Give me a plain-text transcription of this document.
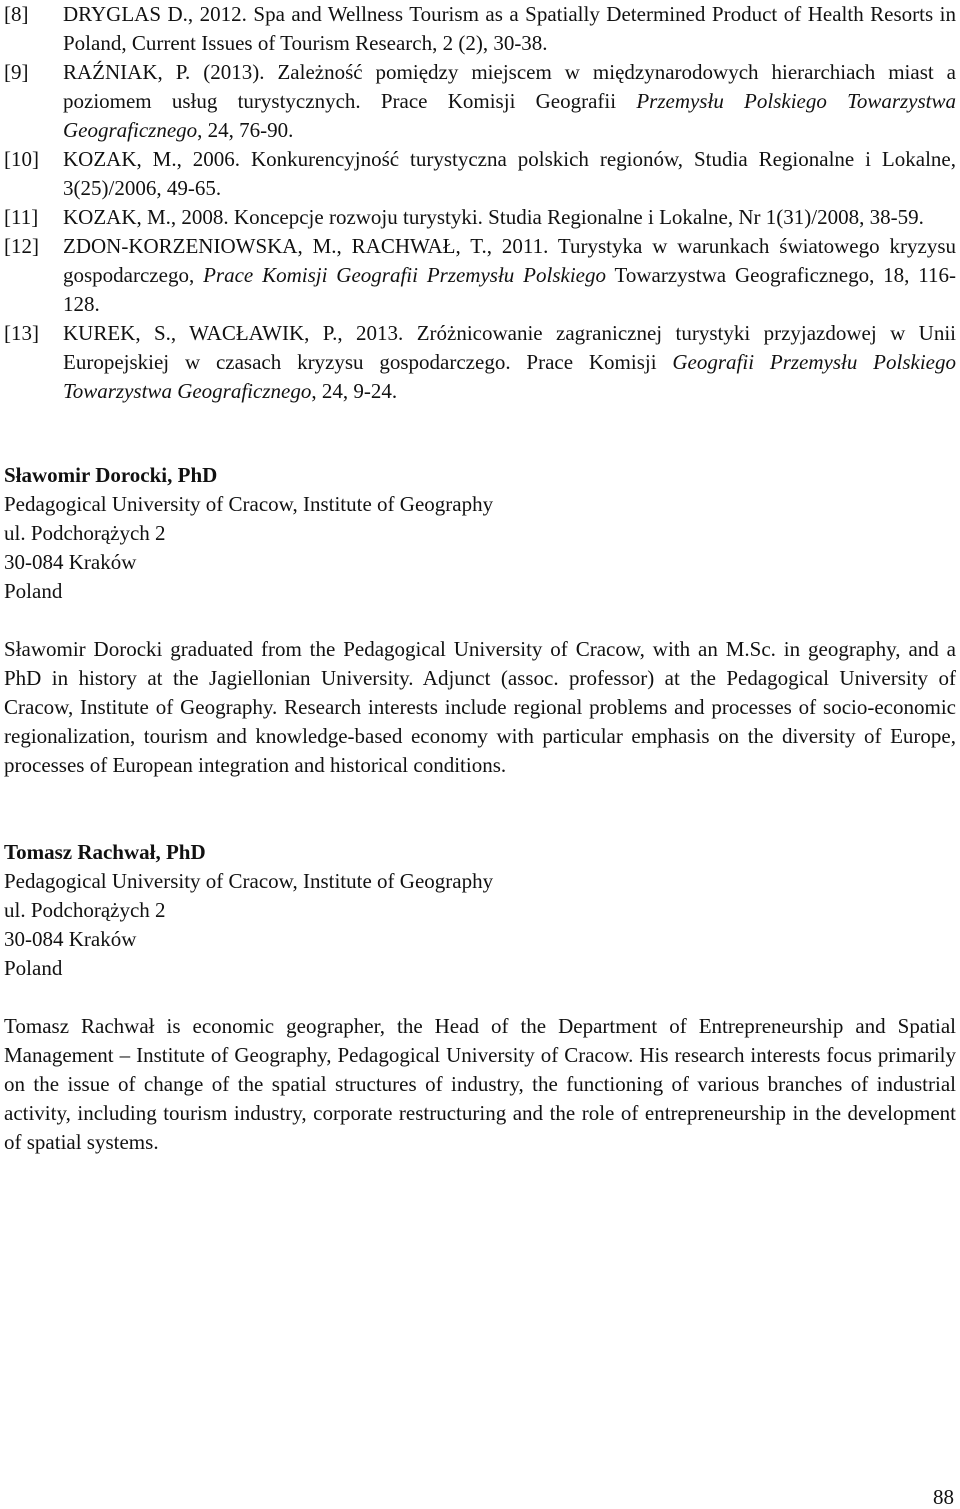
[8]	DRYGLAS D., 2012. Spa and Wellness Tourism as a Spatially Determined Product of Health Resorts in Poland, Current Issues of Tourism Research, 2 (2), 30-38.

[9]	RAŹNIAK, P. (2013). Zależność pomiędzy miejscem w międzynarodowych hierarchiach miast a poziomem usług turystycznych. Prace Komisji Geografii Przemysłu Polskiego Towarzystwa Geograficznego, 24, 76-90.

[10]	KOZAK, M., 2006. Konkurencyjność turystyczna polskich regionów, Studia Regionalne i Lokalne, 3(25)/2006, 49-65.

[11]	KOZAK, M., 2008. Koncepcje rozwoju turystyki. Studia Regionalne i Lokalne, Nr 1(31)/2008, 38-59.

[12]	ZDON-KORZENIOWSKA, M., RACHWAŁ, T., 2011. Turystyka w warunkach światowego kryzysu gospodarczego, Prace Komisji Geografii Przemysłu Polskiego Towarzystwa Geograficznego, 18, 116-128.

[13]	KUREK, S., WACŁAWIK, P., 2013. Zróżnicowanie zagranicznej turystyki przyjazdowej w Unii Europejskiej w czasach kryzysu gospodarczego. Prace Komisji Geografii Przemysłu Polskiego Towarzystwa Geograficznego, 24, 9-24.

Sławomir Dorocki, PhD
Pedagogical University of Cracow, Institute of Geography
ul. Podchorążych 2
30-084 Kraków
Poland
Sławomir Dorocki graduated from the Pedagogical University of Cracow, with an M.Sc. in geography, and a PhD in history at the Jagiellonian University. Adjunct (assoc. professor) at the Pedagogical University of Cracow, Institute of Geography. Research interests include regional problems and processes of socio-economic regionalization, tourism and knowledge-based economy with particular emphasis on the diversity of Europe, processes of European integration and historical conditions.
Tomasz Rachwał, PhD
Pedagogical University of Cracow, Institute of Geography
ul. Podchorążych 2
30-084 Kraków
Poland
Tomasz Rachwał is economic geographer, the Head of the Department of Entrepreneurship and Spatial Management – Institute of Geography, Pedagogical University of Cracow. His research interests focus primarily on the issue of change of the spatial structures of industry, the functioning of various branches of industrial activity, including tourism industry, corporate restructuring and the role of entrepreneurship in the development of spatial systems.
88
